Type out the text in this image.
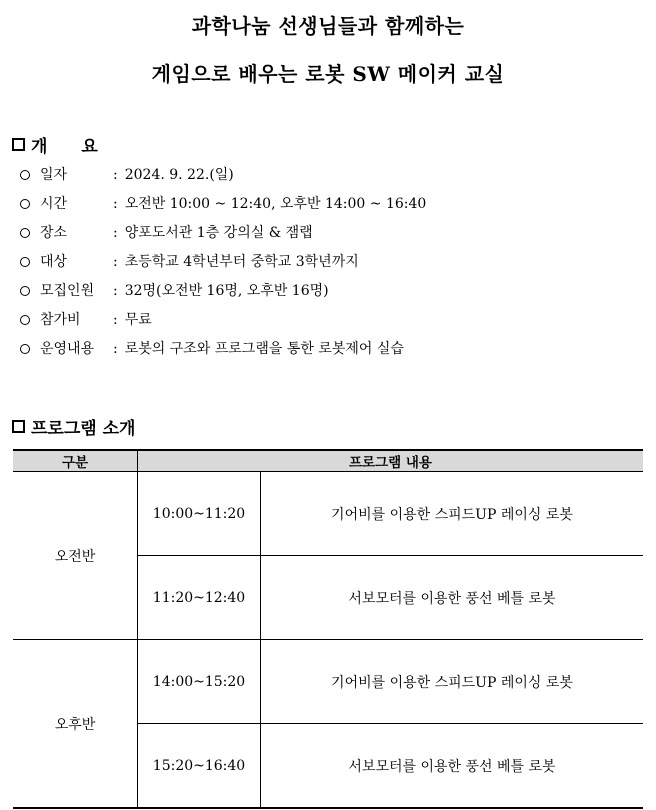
과학나눔 선생님들과 함께하는
게임으로 배우는 로봇 SW 메이커 교실
개 요
일자	: 2024. 9. 22.(일)
시간	: 오전반 10:00 ~ 12:40, 오후반 14:00 ~ 16:40
장소	: 양포도서관 1층 강의실 & 잼랩
대상	: 초등학교 4학년부터 중학교 3학년까지
모집인원	: 32명(오전반 16명, 오후반 16명)
참가비	: 무료
운영내용	: 로봇의 구조와 프로그램을 통한 로봇제어 실습
프로그램 소개
구분	프로그램 내용	
오전반	10:00~11:20	기어비를 이용한 스피드UP 레이싱 로봇
	11:20~12:40	서보모터를 이용한 풍선 베틀 로봇
오후반	14:00~15:20	기어비를 이용한 스피드UP 레이싱 로봇
	15:20~16:40	서보모터를 이용한 풍선 베틀 로봇
